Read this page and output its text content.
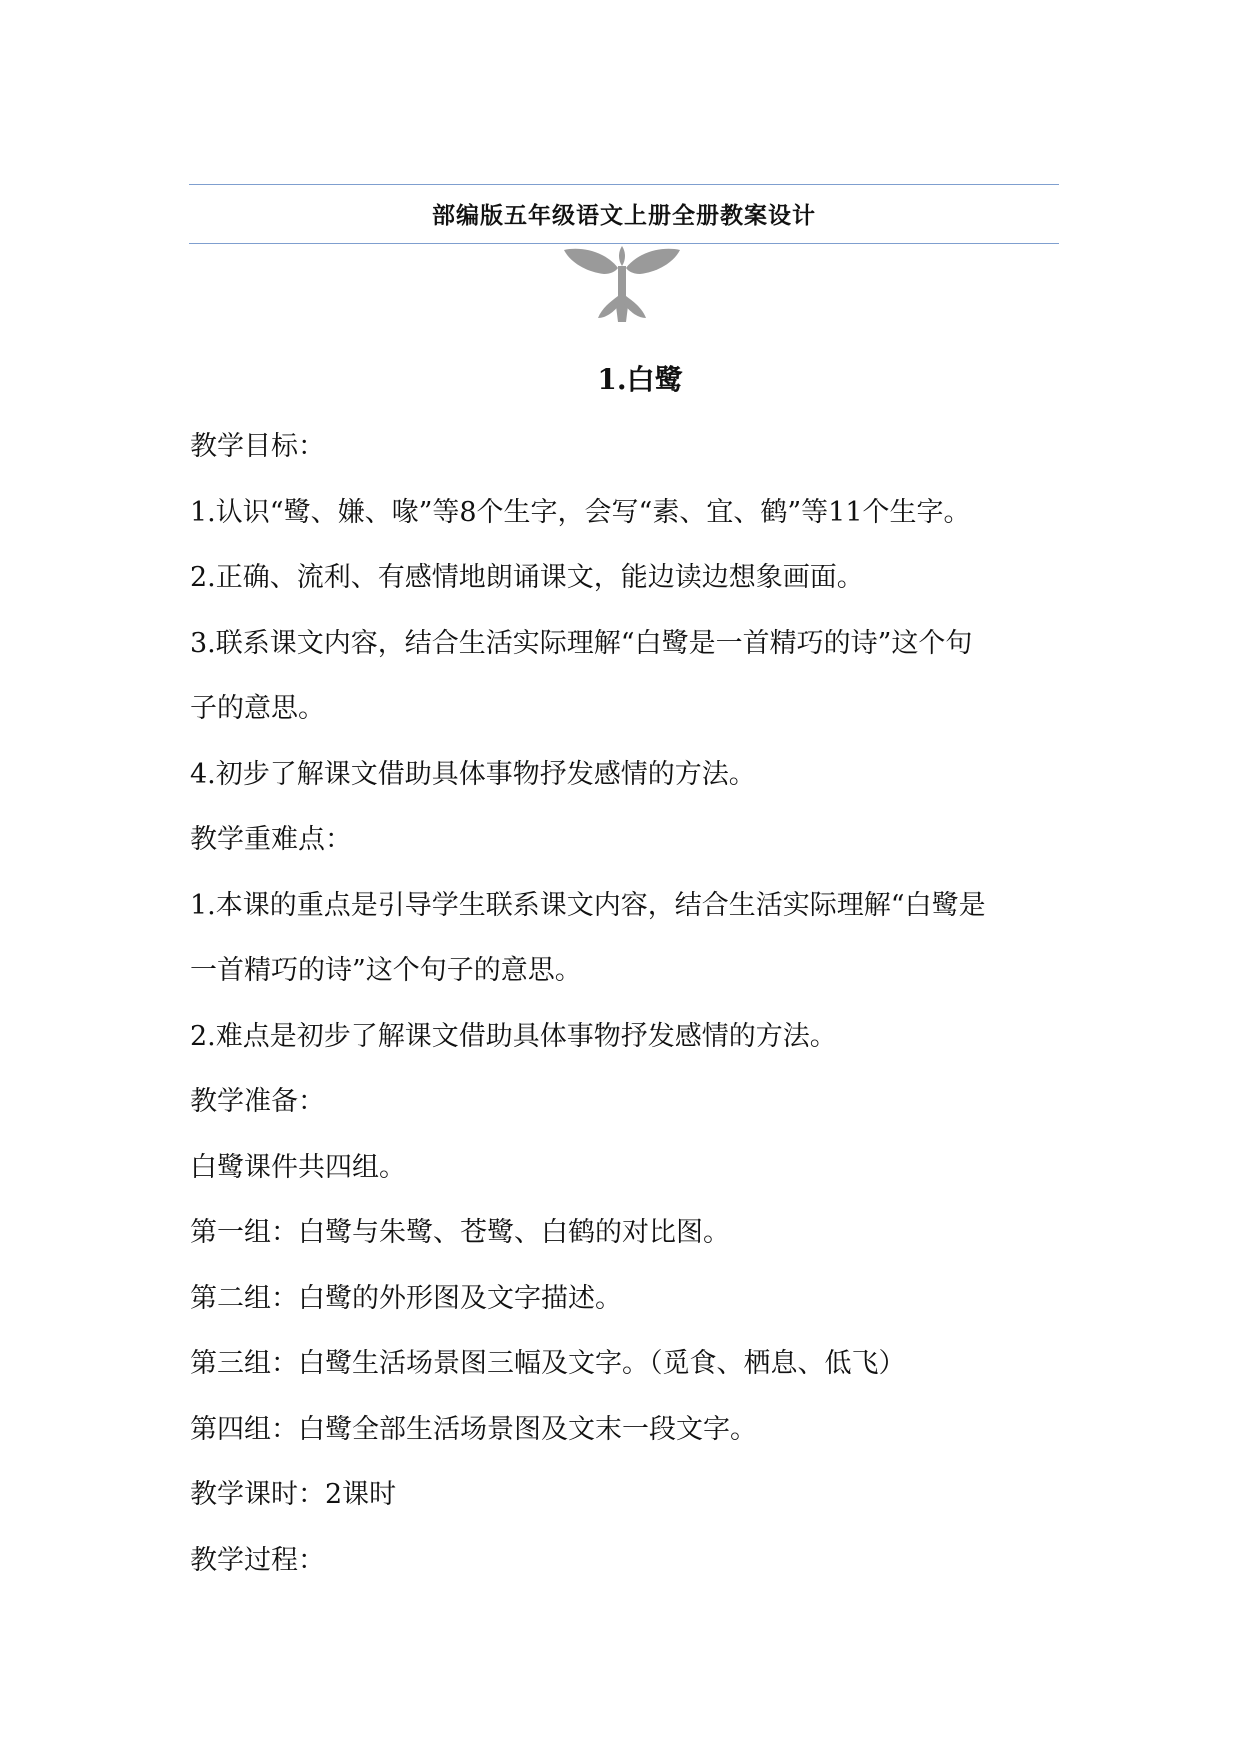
部编版五年级语文上册全册教案设计
1.白鹭
教学目标：
1.认识“鹭、嫌、喙”等8个生字，会写“素、宜、鹤”等11个生字。
2.正确、流利、有感情地朗诵课文，能边读边想象画面。
3.联系课文内容，结合生活实际理解“白鹭是一首精巧的诗”这个句
子的意思。
4.初步了解课文借助具体事物抒发感情的方法。
教学重难点：
1.本课的重点是引导学生联系课文内容，结合生活实际理解“白鹭是
一首精巧的诗”这个句子的意思。
2.难点是初步了解课文借助具体事物抒发感情的方法。
教学准备：
白鹭课件共四组。
第一组：白鹭与朱鹭、苍鹭、白鹤的对比图。
第二组：白鹭的外形图及文字描述。
第三组：白鹭生活场景图三幅及文字。（觅食、栖息、低飞）
第四组：白鹭全部生活场景图及文末一段文字。
教学课时：2课时
教学过程：
